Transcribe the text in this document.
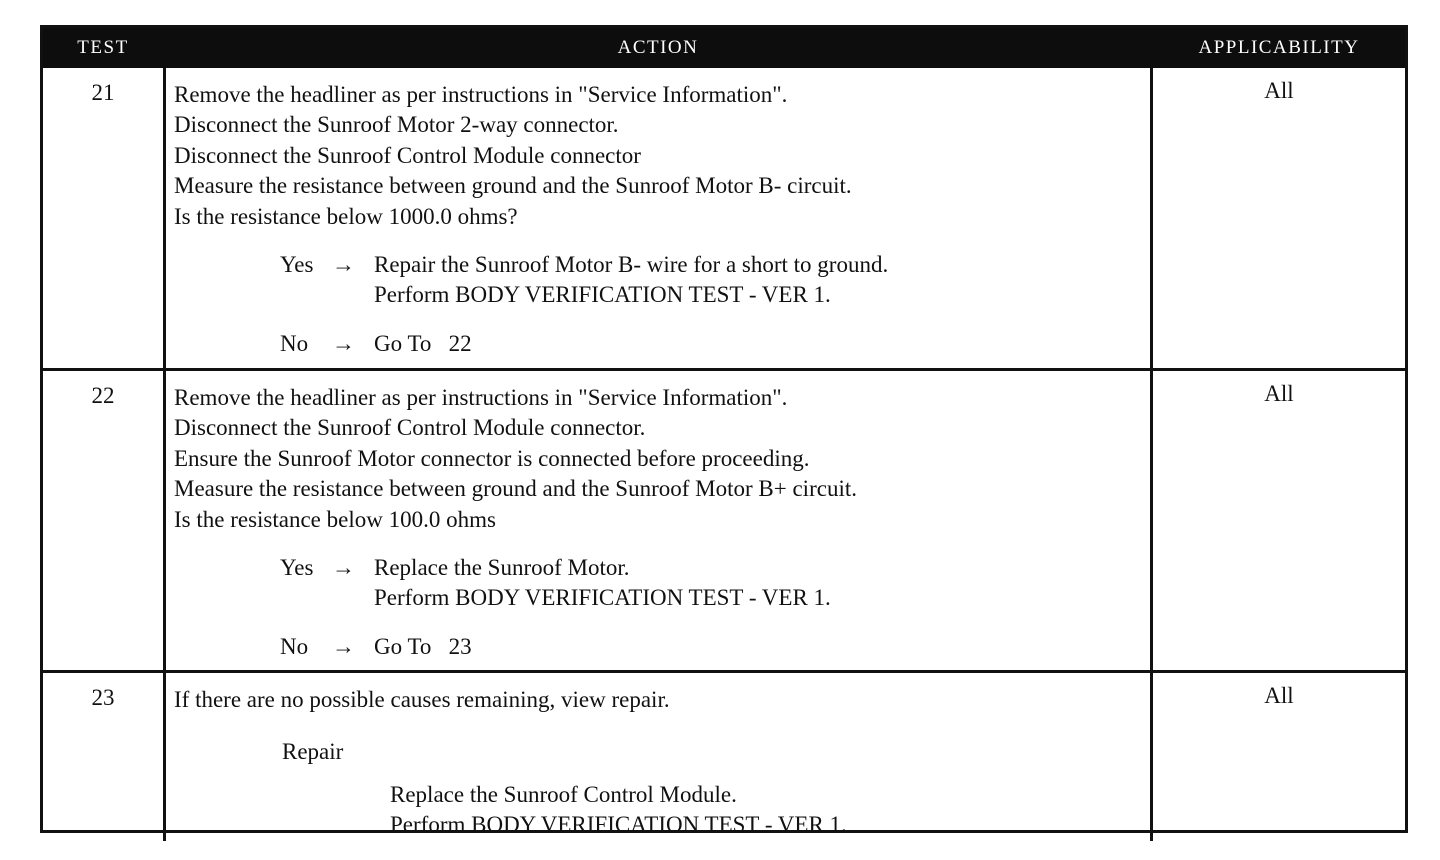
TEST	ACTION	APPLICABILITY
21	Remove the headliner as per instructions in "Service Information".
Disconnect the Sunroof Motor 2-way connector.
Disconnect the Sunroof Control Module connector
Measure the resistance between ground and the Sunroof Motor B- circuit.
Is the resistance below 1000.0 ohms?
Yes → Repair the Sunroof Motor B- wire for a short to ground.
Perform BODY VERIFICATION TEST - VER 1.
No	→ Go To   22
All
22	Remove the headliner as per instructions in "Service Information".
Disconnect the Sunroof Control Module connector.
Ensure the Sunroof Motor connector is connected before proceeding.
Measure the resistance between ground and the Sunroof Motor B+ circuit.
Is the resistance below 100.0 ohms
Yes → Replace the Sunroof Motor.
Perform BODY VERIFICATION TEST - VER 1.
No	→ Go To   23
All
23	If there are no possible causes remaining, view repair.
Repair
Replace the Sunroof Control Module.
Perform BODY VERIFICATION TEST - VER 1.
All
